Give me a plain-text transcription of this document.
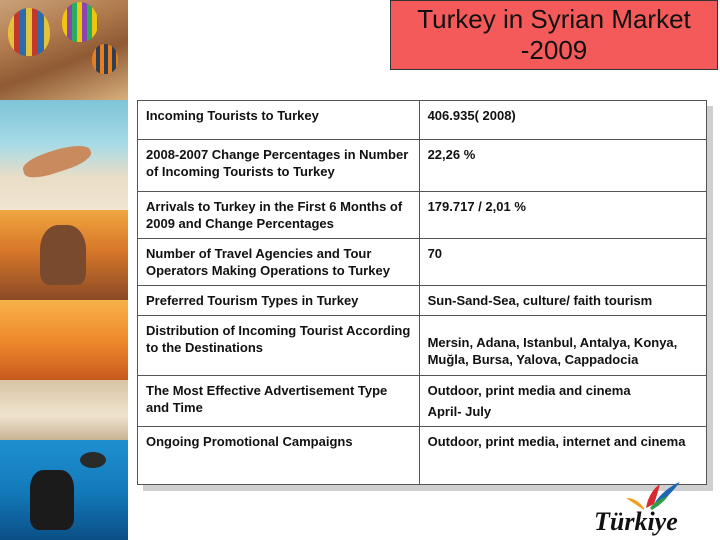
Turkey in Syrian Market
-2009
Incoming Tourists to Turkey	406.935( 2008)
2008-2007 Change Percentages in Number of Incoming Tourists to Turkey	22,26 %
Arrivals to Turkey in the First 6 Months of 2009 and Change Percentages	179.717 / 2,01 %
Number of Travel Agencies and Tour Operators Making Operations to Turkey	70
Preferred Tourism Types in Turkey	Sun-Sand-Sea, culture/ faith tourism
Distribution of Incoming Tourist According to the Destinations	Mersin, Adana, Istanbul, Antalya, Konya, Muğla, Bursa, Yalova, Cappadocia
The Most Effective Advertisement Type and Time	Outdoor, print media and cinema
April- July
Ongoing Promotional Campaigns	Outdoor, print media, internet and cinema
Türkiye
